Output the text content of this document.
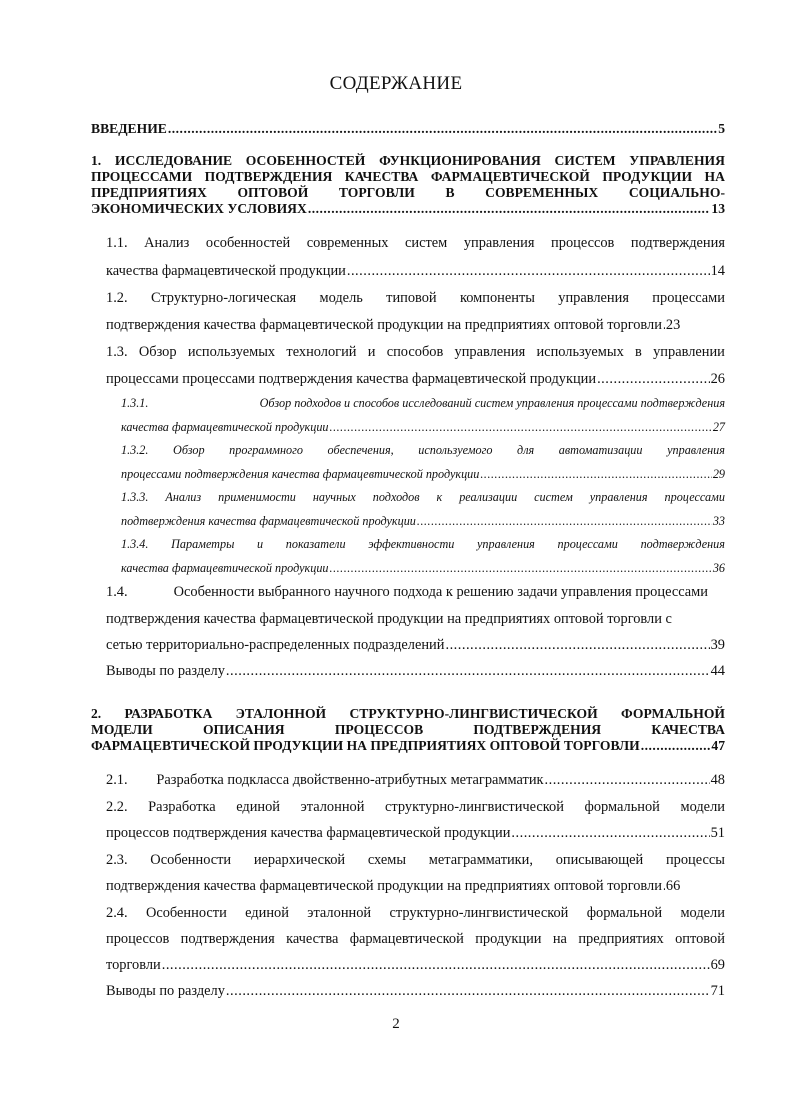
СОДЕРЖАНИЕ
ВВЕДЕНИЕ .....	5
1. ИССЛЕДОВАНИЕ ОСОБЕННОСТЕЙ ФУНКЦИОНИРОВАНИЯ СИСТЕМ УПРАВЛЕНИЯ
ПРОЦЕССАМИ ПОДТВЕРЖДЕНИЯ КАЧЕСТВА ФАРМАЦЕВТИЧЕСКОЙ ПРОДУКЦИИ НА
ПРЕДПРИЯТИЯХ ОПТОВОЙ ТОРГОВЛИ В СОВРЕМЕННЫХ СОЦИАЛЬНО-
ЭКОНОМИЧЕСКИХ УСЛОВИЯХ .....	13
1.1. Анализ особенностей современных систем управления процессов подтверждения
качества фармацевтической продукции .....	14
1.2. Структурно-логическая модель типовой компоненты управления процессами
подтверждения качества фармацевтической продукции на предприятиях оптовой торговли ..... 23
1.3. Обзор используемых технологий и способов управления используемых в управлении
процессами процессами подтверждения качества фармацевтической продукции .....	26
1.3.1.	Обзор подходов и способов исследований систем управления процессами подтверждения
качества фармацевтической продукции .....	27
1.3.2. Обзор программного обеспечения, используемого для автоматизации управления
процессами подтверждения качества фармацевтической продукции .....	29
1.3.3. Анализ применимости научных подходов к реализации систем управления процессами
подтверждения качества фармацевтической продукции .....	33
1.3.4. Параметры и показатели эффективности управления процессами подтверждения
качества фармацевтической продукции .....	36
1.4.	Особенности выбранного научного подхода к решению задачи управления процессами
подтверждения качества фармацевтической продукции на предприятиях оптовой торговли с
сетью территориально-распределенных подразделений .....	39
Выводы по разделу .....	44
2. РАЗРАБОТКА ЭТАЛОННОЙ СТРУКТУРНО-ЛИНГВИСТИЧЕСКОЙ ФОРМАЛЬНОЙ
МОДЕЛИ	ОПИСАНИЯ	ПРОЦЕССОВ	ПОДТВЕРЖДЕНИЯ	КАЧЕСТВА
ФАРМАЦЕВТИЧЕСКОЙ ПРОДУКЦИИ НА ПРЕДПРИЯТИЯХ ОПТОВОЙ ТОРГОВЛИ .....	47
2.1.        Разработка подкласса двойственно-атрибутных метаграмматик .....	48
2.2. Разработка единой эталонной структурно-лингвистической формальной модели
процессов подтверждения качества фармацевтической продукции .....	51
2.3. Особенности иерархической схемы метаграмматики, описывающей процессы
подтверждения качества фармацевтической продукции на предприятиях оптовой торговли ..... 66
2.4. Особенности единой эталонной структурно-лингвистической формальной модели
процессов подтверждения качества фармацевтической продукции на предприятиях оптовой
торговли .....	69
Выводы по разделу .....	71
2
